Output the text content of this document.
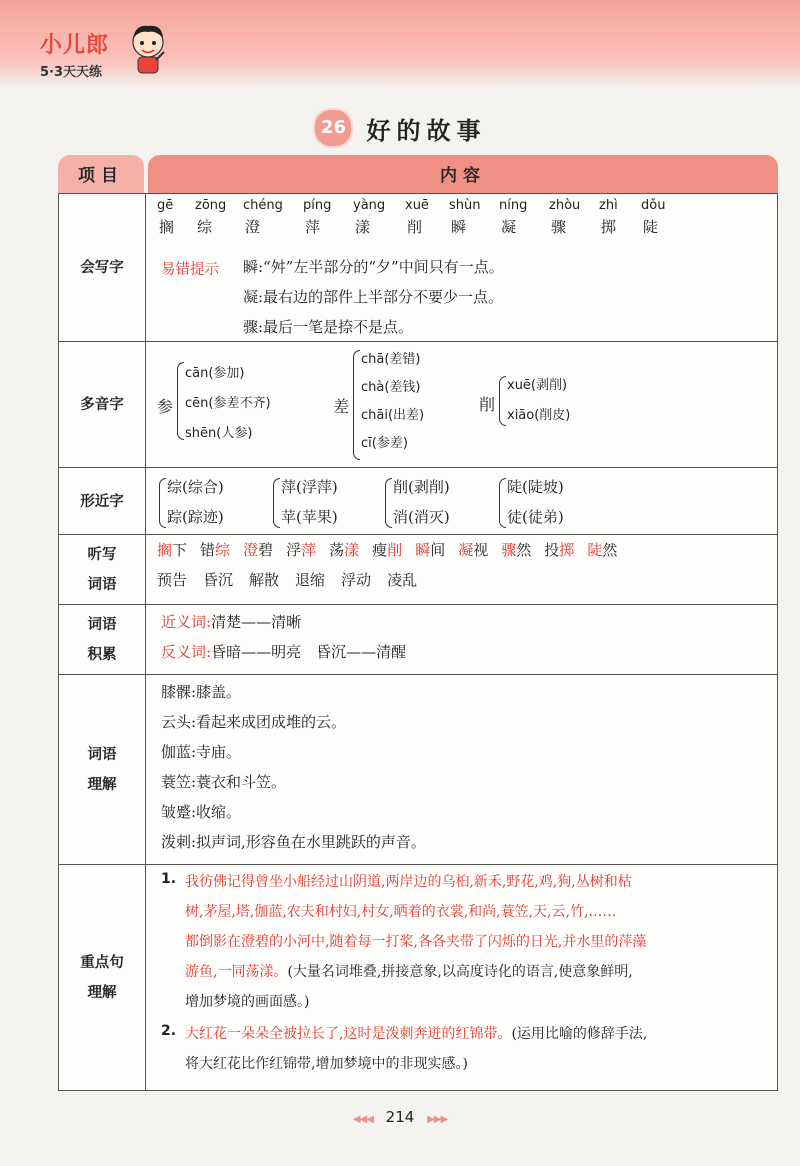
小儿郎
5·3天天练
26 好的故事
项目	内容
会写字
gē
搁
zōng
综
chéng
澄
píng
萍
yàng
漾
xuē
削
shùn
瞬
níng
凝
zhòu
骤
zhì
掷
dǒu
陡
易错提示 瞬:“舛”左半部分的“夕”中间只有一点。
凝:最右边的部件上半部分不要少一点。
骤:最后一笔是捺不是点。
多音字 参
cān(参加)
cēn(参差不齐)
shēn(人参)
差
chā(差错)
chà(差钱)
chāi(出差)
cī(参差)
削
xuē(剥削)
xiāo(削皮)
形近字
综(综合)
踪(踪迹)
萍(浮萍)
苹(苹果)
削(剥削)
消(消灭)
陡(陡坡)
徒(徒弟)
听写
词语
搁下 错综 澄碧 浮萍 荡漾 瘦削 瞬间 凝视 骤然 投掷 陡然
预告 昏沉 解散 退缩 浮动 凌乱
词语
积累
近义词:清楚——清晰
反义词:昏暗——明亮　昏沉——清醒
词语
理解
膝髁:膝盖。
云头:看起来成团成堆的云。
伽蓝:寺庙。
蓑笠:蓑衣和斗笠。
皱蹙:收缩。
泼刺:拟声词,形容鱼在水里跳跃的声音。
重点句
理解
1. 我彷佛记得曾坐小船经过山阴道,两岸边的乌桕,新禾,野花,鸡,狗,丛树和枯
树,茅屋,塔,伽蓝,农夫和村妇,村女,晒着的衣裳,和尚,蓑笠,天,云,竹,……
都倒影在澄碧的小河中,随着每一打桨,各各夹带了闪烁的日光,并水里的萍藻
游鱼,一同荡漾。(大量名词堆叠,拼接意象,以高度诗化的语言,使意象鲜明,
增加梦境的画面感。)
2. 大红花一朵朵全被拉长了,这时是泼刺奔迸的红锦带。(运用比喻的修辞手法,
将大红花比作红锦带,增加梦境中的非现实感。)
◀◀◀ 214 ▶▶▶
